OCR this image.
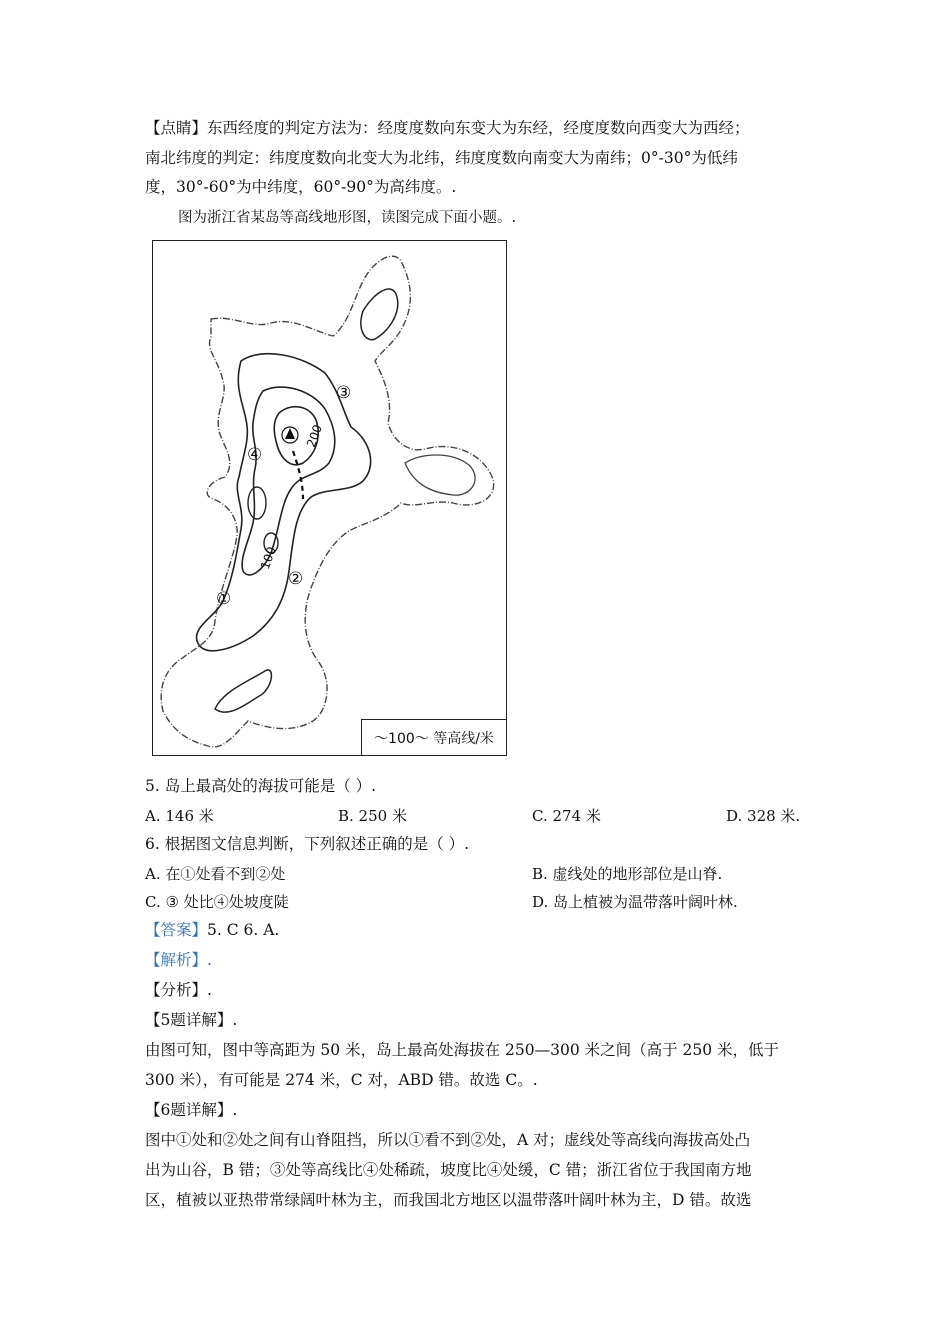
【点睛】东西经度的判定方法为：经度度数向东变大为东经，经度度数向西变大为西经；
南北纬度的判定：纬度度数向北变大为北纬，纬度度数向南变大为南纬；0°-30°为低纬
度，30°-60°为中纬度，60°-90°为高纬度。.
图为浙江省某岛等高线地形图，读图完成下面小题。.
③
④
②
①
200
100
～100～ 等高线/米
5. 岛上最高处的海拔可能是（ ）.
A. 146 米	B. 250 米	C. 274 米	D. 328 米.
6. 根据图文信息判断，下列叙述正确的是（ ）.
A. 在①处看不到②处	B. 虚线处的地形部位是山脊.
C. ③ 处比④处坡度陡	D. 岛上植被为温带落叶阔叶林.
【答案】5. C 6. A.
【解析】.
【分析】.
【5题详解】.
由图可知，图中等高距为 50 米，岛上最高处海拔在 250—300 米之间（高于 250 米，低于
300 米），有可能是 274 米，C 对，ABD 错。故选 C。.
【6题详解】.
图中①处和②处之间有山脊阻挡，所以①看不到②处，A 对；虚线处等高线向海拔高处凸
出为山谷，B 错；③处等高线比④处稀疏，坡度比④处缓，C 错；浙江省位于我国南方地
区，植被以亚热带常绿阔叶林为主，而我国北方地区以温带落叶阔叶林为主，D 错。故选
